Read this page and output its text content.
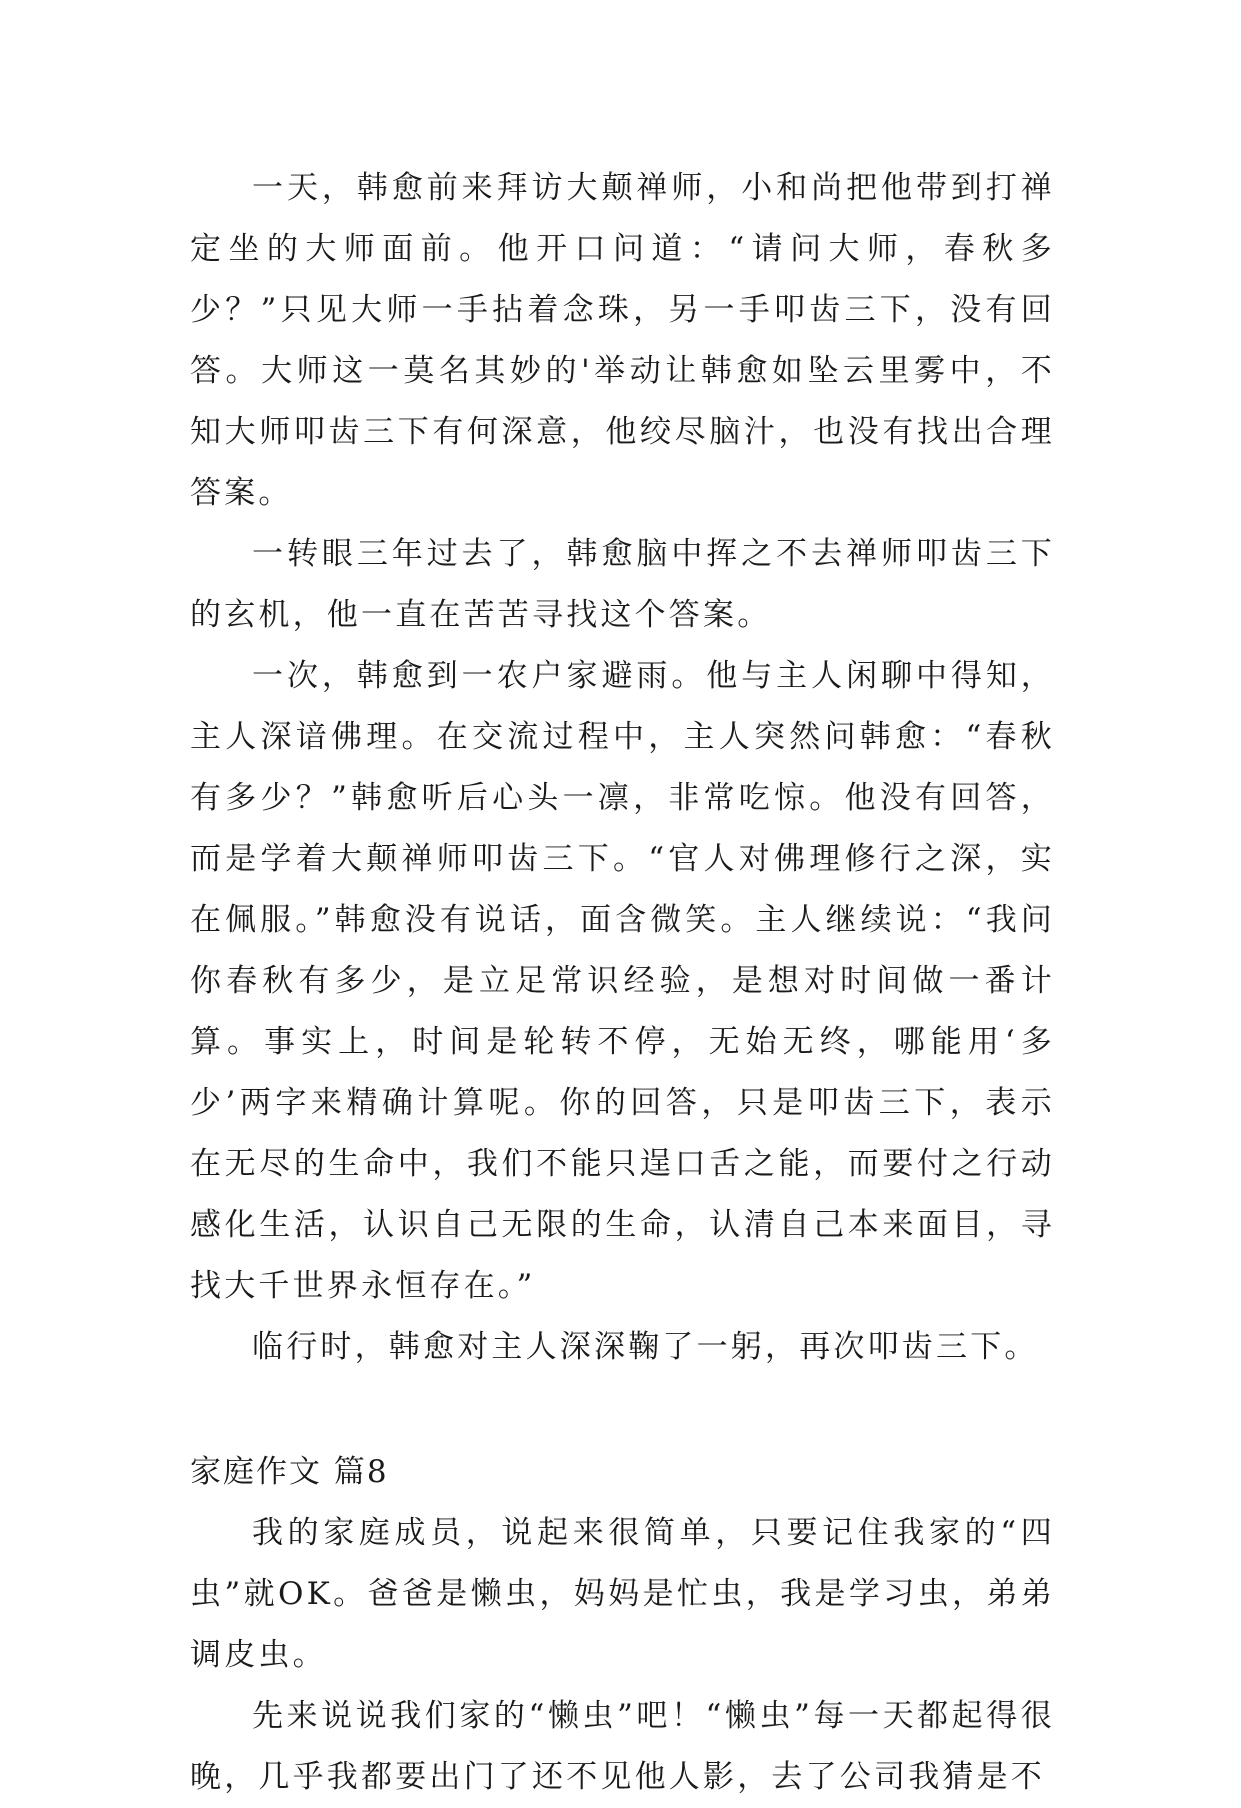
一天，韩愈前来拜访大颠禅师，小和尚把他带到打禅定坐的大师面前。他开口问道：“请问大师，春秋多少？”只见大师一手拈着念珠，另一手叩齿三下，没有回答。大师这一莫名其妙的'举动让韩愈如坠云里雾中，不知大师叩齿三下有何深意，他绞尽脑汁，也没有找出合理答案。

一转眼三年过去了，韩愈脑中挥之不去禅师叩齿三下的玄机，他一直在苦苦寻找这个答案。

一次，韩愈到一农户家避雨。他与主人闲聊中得知，主人深谙佛理。在交流过程中，主人突然问韩愈：“春秋有多少？”韩愈听后心头一凛，非常吃惊。他没有回答，而是学着大颠禅师叩齿三下。“官人对佛理修行之深，实在佩服。”韩愈没有说话，面含微笑。主人继续说：“我问你春秋有多少，是立足常识经验，是想对时间做一番计算。事实上，时间是轮转不停，无始无终，哪能用‘多少’两字来精确计算呢。你的回答，只是叩齿三下，表示在无尽的生命中，我们不能只逞口舌之能，而要付之行动感化生活，认识自己无限的生命，认清自己本来面目，寻找大千世界永恒存在。”

临行时，韩愈对主人深深鞠了一躬，再次叩齿三下。

家庭作文 篇8

我的家庭成员，说起来很简单，只要记住我家的“四虫”就OK。爸爸是懒虫，妈妈是忙虫，我是学习虫，弟弟调皮虫。

先来说说我们家的“懒虫”吧！“懒虫”每一天都起得很晚，几乎我都要出门了还不见他人影，去了公司我猜是不
